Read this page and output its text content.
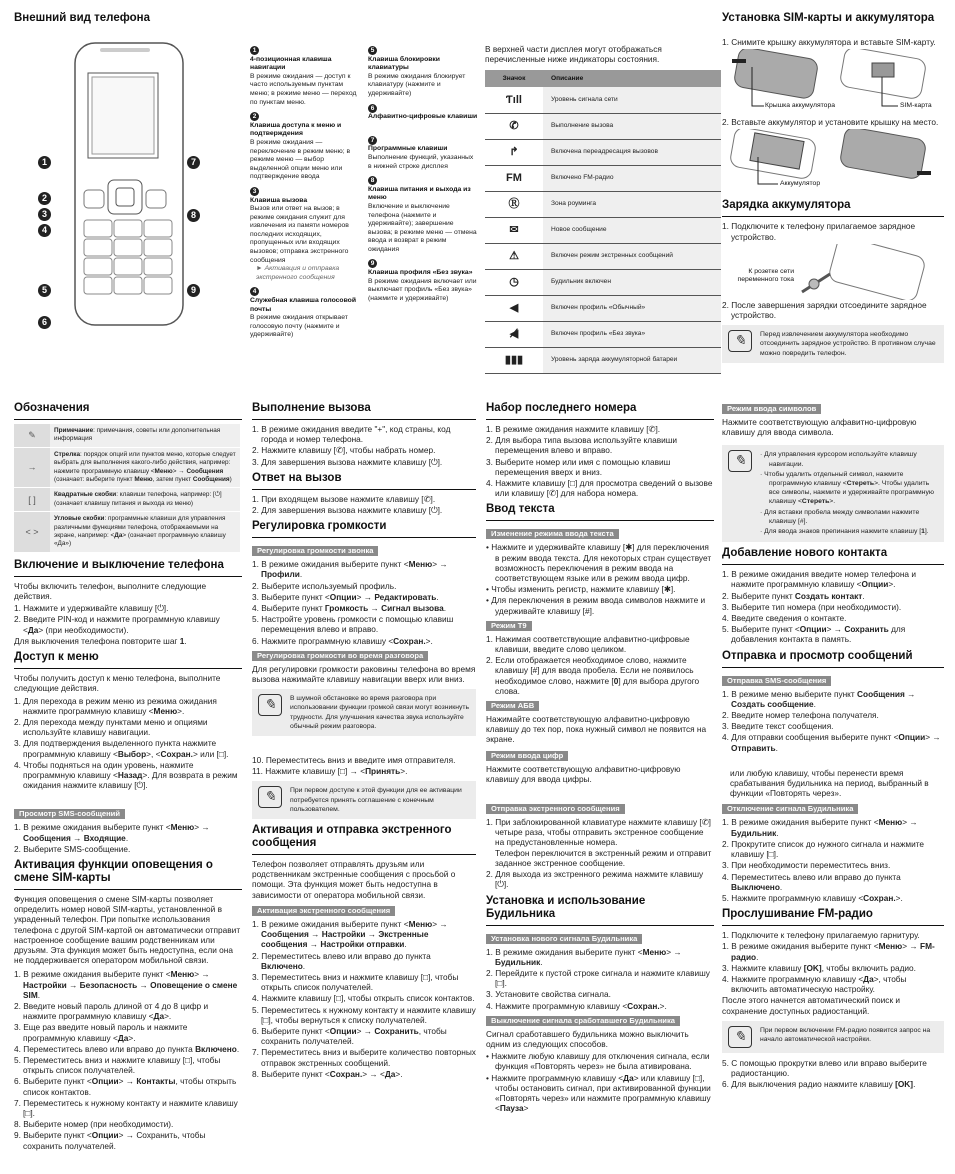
Внешний вид телефона
1
2
3
4
5
6
7
8
9
1
4-позиционная клавиша навигации
В режиме ожидания — доступ к часто используемым пунктам меню; в режиме меню — переход по пунктам меню.
2
Клавиша доступа к меню и подтверждения
В режиме ожидания — переключение в режим меню; в режиме меню — выбор выделенной опции меню или подтверждение ввода
3
Клавиша вызова
Вызов или ответ на вызов; в режиме ожидания служит для извлечения из памяти номеров последних исходящих, пропущенных или входящих вызовов; отправка экстренного сообщения
► Активация и отправка экстренного сообщения
4
Служебная клавиша голосовой почты
В режиме ожидания открывает голосовую почту (нажмите и удерживайте)
5
Клавиша блокировки клавиатуры
В режиме ожидания блокирует клавиатуру (нажмите и удерживайте)
6
Алфавитно-цифровые клавиши
7
Программные клавиши
Выполнение функций, указанных в нижней строке дисплея
8
Клавиша питания и выхода из меню
Включение и выключение телефона (нажмите и удерживайте); завершение вызова; в режиме меню — отмена ввода и возврат в режим ожидания
9
Клавиша профиля «Без звука»
В режиме ожидания включает или выключает профиль «Без звука» (нажмите и удерживайте)

В верхней части дисплея могут отображаться перечисленные ниже индикаторы состояния.

Значок	Описание
Ƭıll	Уровень сигнала сети
✆	Выполнение вызова
↱	Включена переадресация вызовов
FM	Включено FM-радио
Ⓡ	Зона роуминга
✉	Новое сообщение
⚠	Включен режим экстренных сообщений
◷	Будильник включен
◀	Включен профиль «Обычный»
◀̸	Включен профиль «Без звука»
▮▮▮	Уровень заряда аккумуляторной батареи
Установка SIM-карты и аккумулятора

1. Снимите крышку аккумулятора и вставьте SIM-карту.

Крышка аккумулятора	SIM-карта

2. Вставьте аккумулятор и установите крышку на место.

Аккумулятор
Зарядка аккумулятора

1. Подключите к телефону прилагаемое зарядное устройство.

К розетке сети переменного тока

2. После завершения зарядки отсоедините зарядное устройство.

✎	Перед извлечением аккумулятора необходимо отсоединить зарядное устройство. В противном случае можно повредить телефон.
Обозначения
✎	Примечание: примечания, советы или дополнительная информация
→	Стрелка: порядок опций или пунктов меню, которые следует выбрать для выполнения какого-либо действия, например: нажмите программную клавишу <Меню> → Сообщения (означает: выберите пункт Меню, затем пункт Сообщения)
[ ]	Квадратные скобки: клавиши телефона, например: [⏻] (означает клавишу питания и выхода из меню)
< >	Угловые скобки: программные клавиши для управления различными функциями телефона, отображаемыми на экране, например: <Да> (означает программную клавишу «Да»)
Включение и выключение телефона

Чтобы включить телефон, выполните следующие действия.

1. Нажмите и удерживайте клавишу [⏻].
2. Введите PIN-код и нажмите программную клавишу <Да> (при необходимости).

Для выключения телефона повторите шаг 1.

Доступ к меню

Чтобы получить доступ к меню телефона, выполните следующие действия.

1. Для перехода в режим меню из режима ожидания нажмите программную клавишу <Меню>.
2. Для перехода между пунктами меню и опциями используйте клавишу навигации.
3. Для подтверждения выделенного пункта нажмите программную клавишу <Выбор>, <Сохран.> или [□].
4. Чтобы подняться на один уровень, нажмите программную клавишу <Назад>. Для возврата в режим ожидания нажмите клавишу [⏻].
Просмотр SMS-сообщений
1. В режиме ожидания выберите пункт <Меню> → Сообщения → Входящие.
2. Выберите SMS-сообщение.
Активация функции оповещения о смене SIM-карты

Функция оповещения о смене SIM-карты позволяет определить номер новой SIM-карты, установленной в украденный телефон. При попытке использования телефона с другой SIM-картой он автоматически отправит настроенное сообщение вашим родственникам или друзьям. Эта функция может быть недоступна, если она не поддерживается оператором мобильной связи.

1. В режиме ожидания выберите пункт <Меню> → Настройки → Безопасность → Оповещение о смене SIM.
2. Введите новый пароль длиной от 4 до 8 цифр и нажмите программную клавишу <Да>.
3. Еще раз введите новый пароль и нажмите программную клавишу <Да>.
4. Переместитесь влево или вправо до пункта Включено.
5. Переместитесь вниз и нажмите клавишу [□], чтобы открыть список получателей.
6. Выберите пункт <Опции> → Контакты, чтобы открыть список контактов.
7. Переместитесь к нужному контакту и нажмите клавишу [□].
8. Выберите номер (при необходимости).
9. Выберите пункт <Опции> → Сохранить, чтобы сохранить получателей.
Выполнение вызова
1. В режиме ожидания введите "+", код страны, код города и номер телефона.
2. Нажмите клавишу [✆], чтобы набрать номер.
3. Для завершения вызова нажмите клавишу [⏻].
Ответ на вызов
1. При входящем вызове нажмите клавишу [✆].
2. Для завершения вызова нажмите клавишу [⏻].
Регулировка громкости
Регулировка громкости звонка
1. В режиме ожидания выберите пункт <Меню> → Профили.
2. Выберите используемый профиль.
3. Выберите пункт <Опции> → Редактировать.
4. Выберите пункт Громкость → Сигнал вызова.
5. Настройте уровень громкости с помощью клавиш перемещения влево и вправо.
6. Нажмите программную клавишу <Сохран.>.
Регулировка громкости во время разговора

Для регулировки громкости раковины телефона во время вызова нажимайте клавишу навигации вверх или вниз.

✎	В шумной обстановке во время разговора при использовании функции громкой связи могут возникнуть трудности. Для улучшения качества звука используйте обычный режим разговора.
10. Переместитесь вниз и введите имя отправителя.
11. Нажмите клавишу [□] → <Принять>.
✎	При первом доступе к этой функции для ее активации потребуется принять соглашение с конечным пользователем.
Активация и отправка экстренного сообщения

Телефон позволяет отправлять друзьям или родственникам экстренные сообщения с просьбой о помощи. Эта функция может быть недоступна в зависимости от оператора мобильной связи.

Активация экстренного сообщения
1. В режиме ожидания выберите пункт <Меню> → Сообщения → Настройки → Экстренные сообщения → Настройки отправки.
2. Переместитесь влево или вправо до пункта Включено.
3. Переместитесь вниз и нажмите клавишу [□], чтобы открыть список получателей.
4. Нажмите клавишу [□], чтобы открыть список контактов.
5. Переместитесь к нужному контакту и нажмите клавишу [□], чтобы вернуться к списку получателей.
6. Выберите пункт <Опции> → Сохранить, чтобы сохранить получателей.
7. Переместитесь вниз и выберите количество повторных отправок экстренных сообщений.
8. Выберите пункт <Сохран.> → <Да>.
Набор последнего номера
1. В режиме ожидания нажмите клавишу [✆].
2. Для выбора типа вызова используйте клавиши перемещения влево и вправо.
3. Выберите номер или имя с помощью клавиш перемещения вверх и вниз.
4. Нажмите клавишу [□] для просмотра сведений о вызове или клавишу [✆] для набора номера.
Ввод текста
Изменение режима ввода текста
• Нажмите и удерживайте клавишу [✱] для переключения в режим ввода текста. Для некоторых стран существует возможность переключения в режим ввода на соответствующем языке или в режим ввода цифр.
• Чтобы изменить регистр, нажмите клавишу [✱].
• Для переключения в режим ввода символов нажмите и удерживайте клавишу [#].
Режим T9
1. Нажимая соответствующие алфавитно-цифровые клавиши, введите слово целиком.
2. Если отображается необходимое слово, нажмите клавишу [#] для ввода пробела. Если не появилось необходимое слово, нажмите [0] для выбора другого слова.
Режим АБВ

Нажимайте соответствующую алфавитно-цифровую клавишу до тех пор, пока нужный символ не появится на экране.

Режим ввода цифр

Нажмите соответствующую алфавитно-цифровую клавишу для ввода цифры.

Отправка экстренного сообщения
1. При заблокированной клавиатуре нажмите клавишу [✆] четыре раза, чтобы отправить экстренное сообщение на предустановленные номера.
Телефон переключится в экстренный режим и отправит заданное экстренное сообщение.
2. Для выхода из экстренного режима нажмите клавишу [⏻].
Установка и использование Будильника
Установка нового сигнала Будильника
1. В режиме ожидания выберите пункт <Меню> → Будильник.
2. Перейдите к пустой строке сигнала и нажмите клавишу [□].
3. Установите свойства сигнала.
4. Нажмите программную клавишу <Сохран.>.
Выключение сигнала сработавшего Будильника

Сигнал сработавшего будильника можно выключить одним из следующих способов.

• Нажмите любую клавишу для отключения сигнала, если функция «Повторять через» не была ативирована.
• Нажмите программную клавишу <Да> или клавишу [□], чтобы остановить сигнал, при активированной функции «Повторять через» или нажмите программную клавишу <Пауза>
Режим ввода символов

Нажмите соответствующую алфавитно-цифровую клавишу для ввода символа.

✎	· Для управления курсором используйте клавишу навигации.
· Чтобы удалить отдельный символ, нажмите программную клавишу <Стереть>. Чтобы удалить все символы, нажмите и удерживайте программную клавишу <Стереть>.
· Для вставки пробела между символами нажмите клавишу [#].
· Для ввода знаков препинания нажмите клавишу [1].
Добавление нового контакта
1. В режиме ожидания введите номер телефона и нажмите программную клавишу <Опции>.
2. Выберите пункт Создать контакт.
3. Выберите тип номера (при необходимости).
4. Введите сведения о контакте.
5. Выберите пункт <Опции> → Сохранить для добавления контакта в память.
Отправка и просмотр сообщений
Отправка SMS-сообщения
1. В режиме меню выберите пункт Сообщения → Создать сообщение.
2. Введите номер телефона получателя.
3. Введите текст сообщения.
4. Для отправки сообщения выберите пункт <Опции> → Отправить.

или любую клавишу, чтобы перенести время срабатывания будильника на период, выбранный в функции «Повторять через».

Отключение сигнала Будильника
1. В режиме ожидания выберите пункт <Меню> → Будильник.
2. Прокрутите список до нужного сигнала и нажмите клавишу [□].
3. При необходимости переместитесь вниз.
4. Переместитесь влево или вправо до пункта Выключено.
5. Нажмите программную клавишу <Сохран.>.
Прослушивание FM-радио
1. Подключите к телефону прилагаемую гарнитуру.
1. В режиме ожидания выберите пункт <Меню> → FM-радио.
3. Нажмите клавишу [OK], чтобы включить радио.
4. Нажмите программную клавишу <Да>, чтобы включить автоматическую настройку.

После этого начнется автоматический поиск и сохранение доступных радиостанций.

✎	При первом включении FM-радио появится запрос на начало автоматической настройки.
5. С помощью прокрутки влево или вправо выберите радиостанцию.
6. Для выключения радио нажмите клавишу [OK].
